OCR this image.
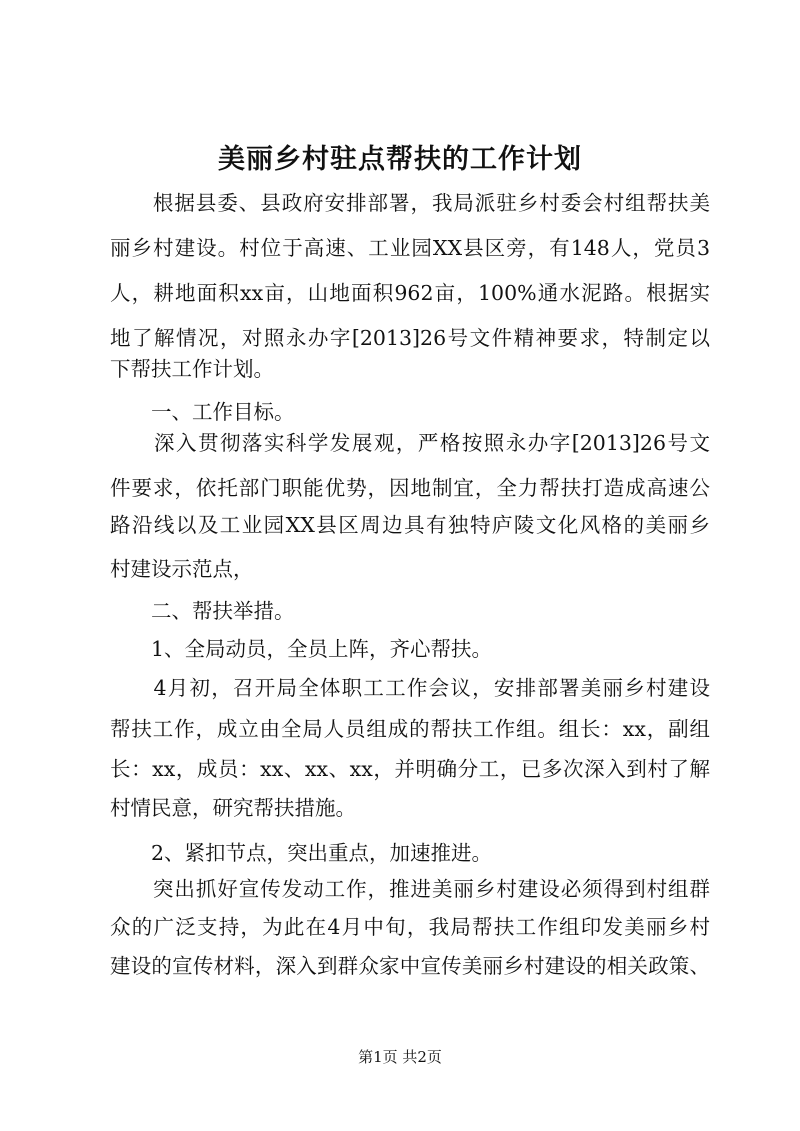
美丽乡村驻点帮扶的工作计划
　　根据县委、县政府安排部署，我局派驻乡村委会村组帮扶美
丽乡村建设。村位于高速、工业园XX县区旁，有148人，党员3
人，耕地面积xx亩，山地面积962亩，100%通水泥路。根据实
地了解情况，对照永办字[2013]26号文件精神要求，特制定以
下帮扶工作计划。
　　一、工作目标。
　　深入贯彻落实科学发展观，严格按照永办字[2013]26号文
件要求，依托部门职能优势，因地制宜，全力帮扶打造成高速公
路沿线以及工业园XX县区周边具有独特庐陵文化风格的美丽乡
村建设示范点，
　　二、帮扶举措。
　　1、全局动员，全员上阵，齐心帮扶。
　　4月初，召开局全体职工工作会议，安排部署美丽乡村建设
帮扶工作，成立由全局人员组成的帮扶工作组。组长：xx，副组
长：xx，成员：xx、xx、xx，并明确分工，已多次深入到村了解
村情民意，研究帮扶措施。
　　2、紧扣节点，突出重点，加速推进。
　　突出抓好宣传发动工作，推进美丽乡村建设必须得到村组群
众的广泛支持，为此在4月中旬，我局帮扶工作组印发美丽乡村
建设的宣传材料，深入到群众家中宣传美丽乡村建设的相关政策、
第1页 共2页
